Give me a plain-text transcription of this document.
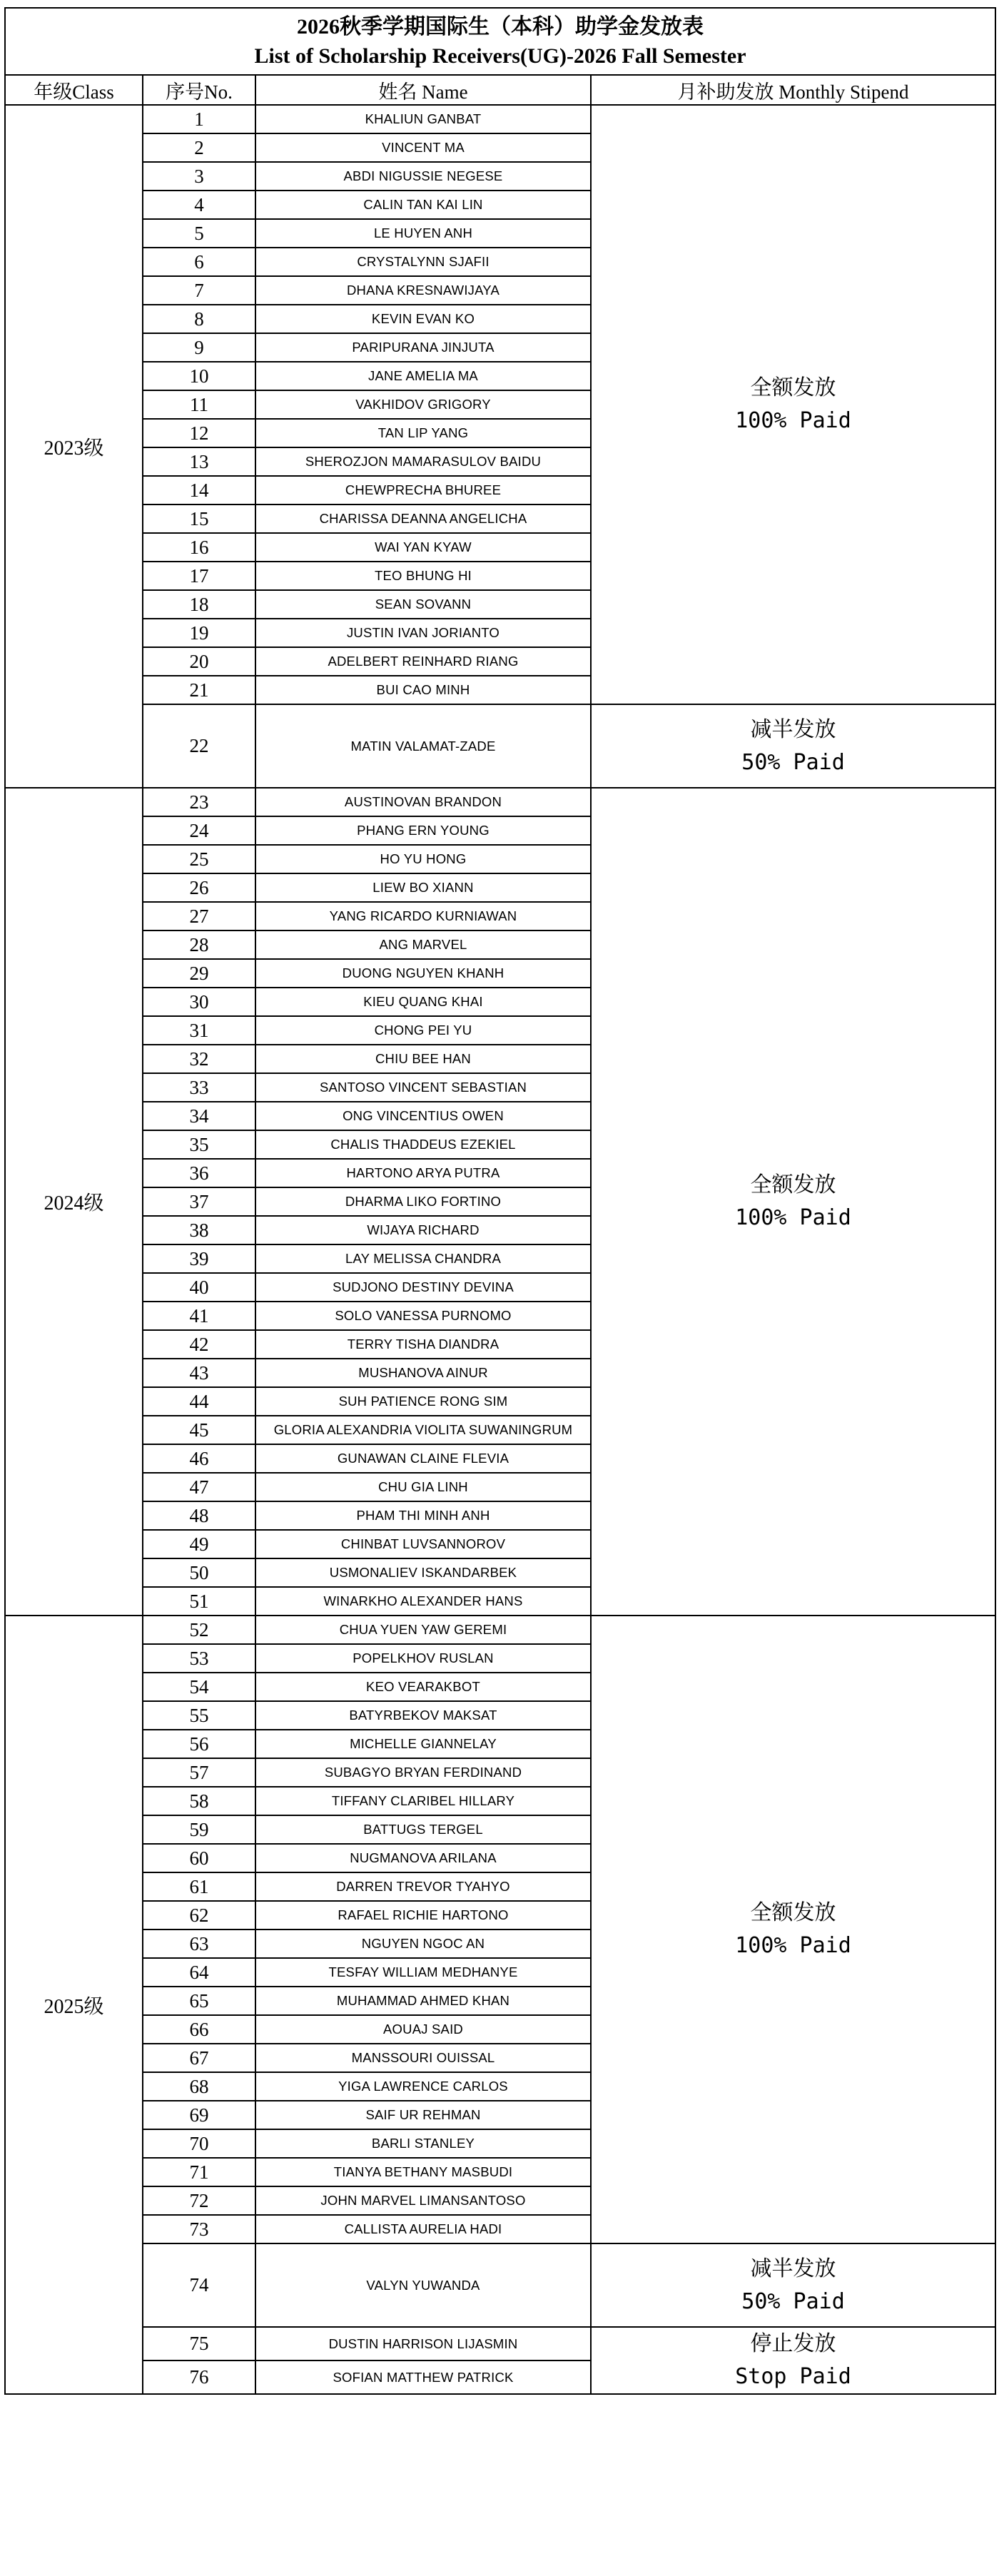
2026秋季学期国际生（本科）助学金发放表
List of Scholarship Receivers(UG)-2026 Fall Semester			

年级Class	序号No.	姓名 Name	月补助发放 Monthly Stipend
2023级	1	KHALIUN GANBAT	全额发放
100% Paid

	2	VINCENT MA	
	3	ABDI NIGUSSIE NEGESE	
	4	CALIN TAN KAI LIN	
	5	LE HUYEN ANH	
	6	CRYSTALYNN SJAFII	
	7	DHANA KRESNAWIJAYA	
	8	KEVIN EVAN KO	
	9	PARIPURANA JINJUTA	
	10	JANE AMELIA MA	
	11	VAKHIDOV GRIGORY	
	12	TAN LIP YANG	
	13	SHEROZJON MAMARASULOV BAIDU	
	14	CHEWPRECHA BHUREE	
	15	CHARISSA DEANNA ANGELICHA	
	16	WAI YAN KYAW	
	17	TEO BHUNG HI	
	18	SEAN SOVANN	
	19	JUSTIN IVAN JORIANTO	
	20	ADELBERT REINHARD RIANG	
	21	BUI CAO MINH	
	22	MATIN VALAMAT-ZADE	减半发放
50% Paid

2024级	23	AUSTINOVAN BRANDON	全额发放
100% Paid

	24	PHANG ERN YOUNG	
	25	HO YU HONG	
	26	LIEW BO XIANN	
	27	YANG RICARDO KURNIAWAN	
	28	ANG MARVEL	
	29	DUONG NGUYEN KHANH	
	30	KIEU QUANG KHAI	
	31	CHONG PEI YU	
	32	CHIU BEE HAN	
	33	SANTOSO VINCENT SEBASTIAN	
	34	ONG VINCENTIUS OWEN	
	35	CHALIS THADDEUS EZEKIEL	
	36	HARTONO ARYA PUTRA	
	37	DHARMA LIKO FORTINO	
	38	WIJAYA RICHARD	
	39	LAY MELISSA CHANDRA	
	40	SUDJONO DESTINY DEVINA	
	41	SOLO VANESSA PURNOMO	
	42	TERRY TISHA DIANDRA	
	43	MUSHANOVA AINUR	
	44	SUH PATIENCE RONG SIM	
	45	GLORIA ALEXANDRIA VIOLITA SUWANINGRUM	
	46	GUNAWAN CLAINE FLEVIA	
	47	CHU GIA LINH	
	48	PHAM THI MINH ANH	
	49	CHINBAT LUVSANNOROV	
	50	USMONALIEV ISKANDARBEK	
	51	WINARKHO ALEXANDER HANS	
2025级	52	CHUA YUEN YAW GEREMI	全额发放
100% Paid

	53	POPELKHOV RUSLAN	
	54	KEO VEARAKBOT	
	55	BATYRBEKOV MAKSAT	
	56	MICHELLE GIANNELAY	
	57	SUBAGYO BRYAN FERDINAND	
	58	TIFFANY CLARIBEL HILLARY	
	59	BATTUGS TERGEL	
	60	NUGMANOVA ARILANA	
	61	DARREN TREVOR TYAHYO	
	62	RAFAEL RICHIE HARTONO	
	63	NGUYEN NGOC AN	
	64	TESFAY WILLIAM MEDHANYE	
	65	MUHAMMAD AHMED KHAN	
	66	AOUAJ SAID	
	67	MANSSOURI OUISSAL	
	68	YIGA LAWRENCE CARLOS	
	69	SAIF UR REHMAN	
	70	BARLI STANLEY	
	71	TIANYA BETHANY MASBUDI	
	72	JOHN MARVEL LIMANSANTOSO	
	73	CALLISTA AURELIA HADI	
	74	VALYN YUWANDA	减半发放
50% Paid

	75	DUSTIN HARRISON LIJASMIN	停止发放
Stop Paid

	76	SOFIAN MATTHEW PATRICK	
